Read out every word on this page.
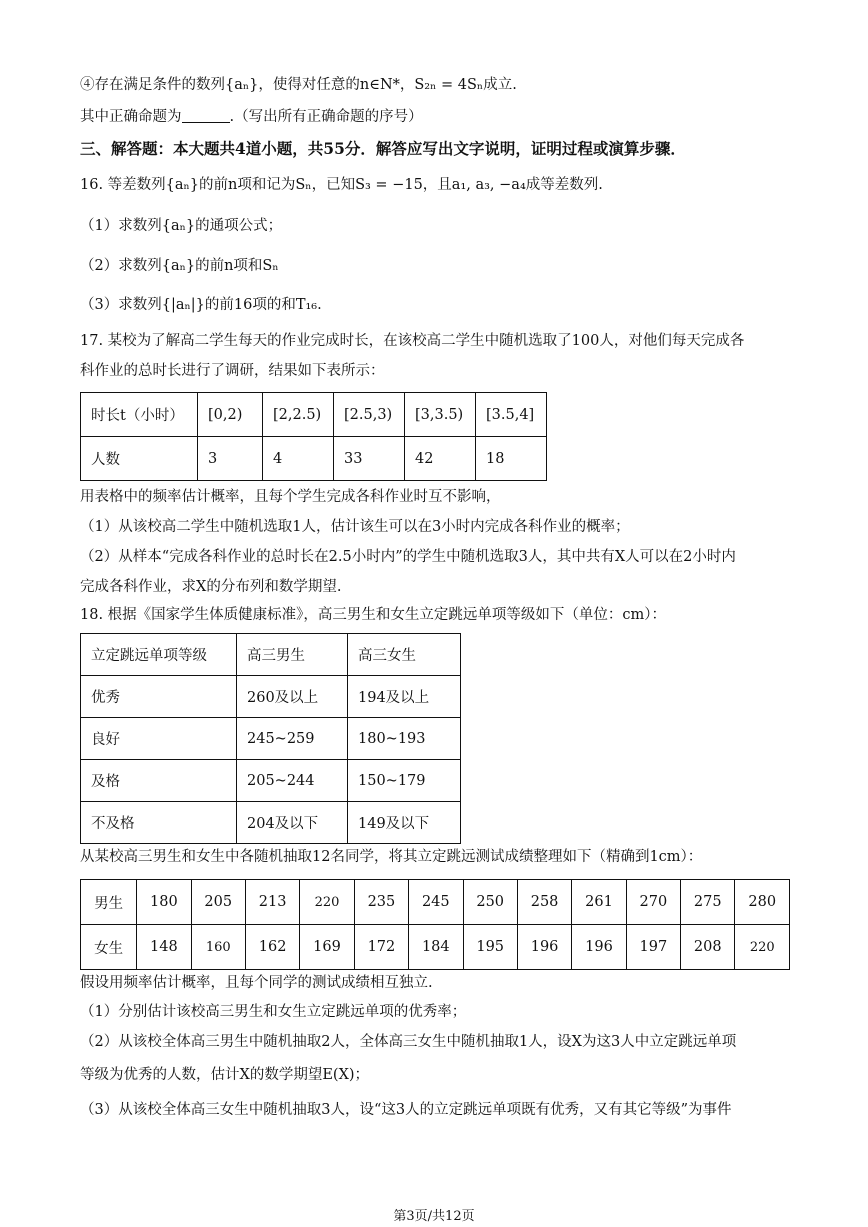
④存在满足条件的数列{aₙ}，使得对任意的n∈N*，S₂ₙ = 4Sₙ成立.
其中正确命题为	.（写出所有正确命题的序号）
三、解答题：本大题共4道小题，共55分．解答应写出文字说明，证明过程或演算步骤．
16. 等差数列{aₙ}的前n项和记为Sₙ，已知S₃ = −15，且a₁, a₃, −a₄成等差数列.
（1）求数列{aₙ}的通项公式；
（2）求数列{aₙ}的前n项和Sₙ
（3）求数列{|aₙ|}的前16项的和T₁₆.
17. 某校为了解高二学生每天的作业完成时长，在该校高二学生中随机选取了100人，对他们每天完成各
科作业的总时长进行了调研，结果如下表所示：
时长t（小时）	[0,2)	[2,2.5)	[2.5,3)	[3,3.5)	[3.5,4]
人数	3	4	33	42	18
用表格中的频率估计概率，且每个学生完成各科作业时互不影响，
（1）从该校高二学生中随机选取1人，估计该生可以在3小时内完成各科作业的概率；
（2）从样本“完成各科作业的总时长在2.5小时内”的学生中随机选取3人，其中共有X人可以在2小时内
完成各科作业，求X的分布列和数学期望.
18. 根据《国家学生体质健康标准》，高三男生和女生立定跳远单项等级如下（单位：cm）：
立定跳远单项等级	高三男生	高三女生
优秀	260及以上	194及以上
良好	245~259	180~193
及格	205~244	150~179
不及格	204及以下	149及以下
从某校高三男生和女生中各随机抽取12名同学，将其立定跳远测试成绩整理如下（精确到1cm）：
男生	180	205	213	220	235	245	250	258	261	270	275	280
女生	148	160	162	169	172	184	195	196	196	197	208	220
假设用频率估计概率，且每个同学的测试成绩相互独立.
（1）分别估计该校高三男生和女生立定跳远单项的优秀率；
（2）从该校全体高三男生中随机抽取2人，全体高三女生中随机抽取1人，设X为这3人中立定跳远单项
等级为优秀的人数，估计X的数学期望E(X)；
（3）从该校全体高三女生中随机抽取3人，设“这3人的立定跳远单项既有优秀，又有其它等级”为事件
第3页/共12页
